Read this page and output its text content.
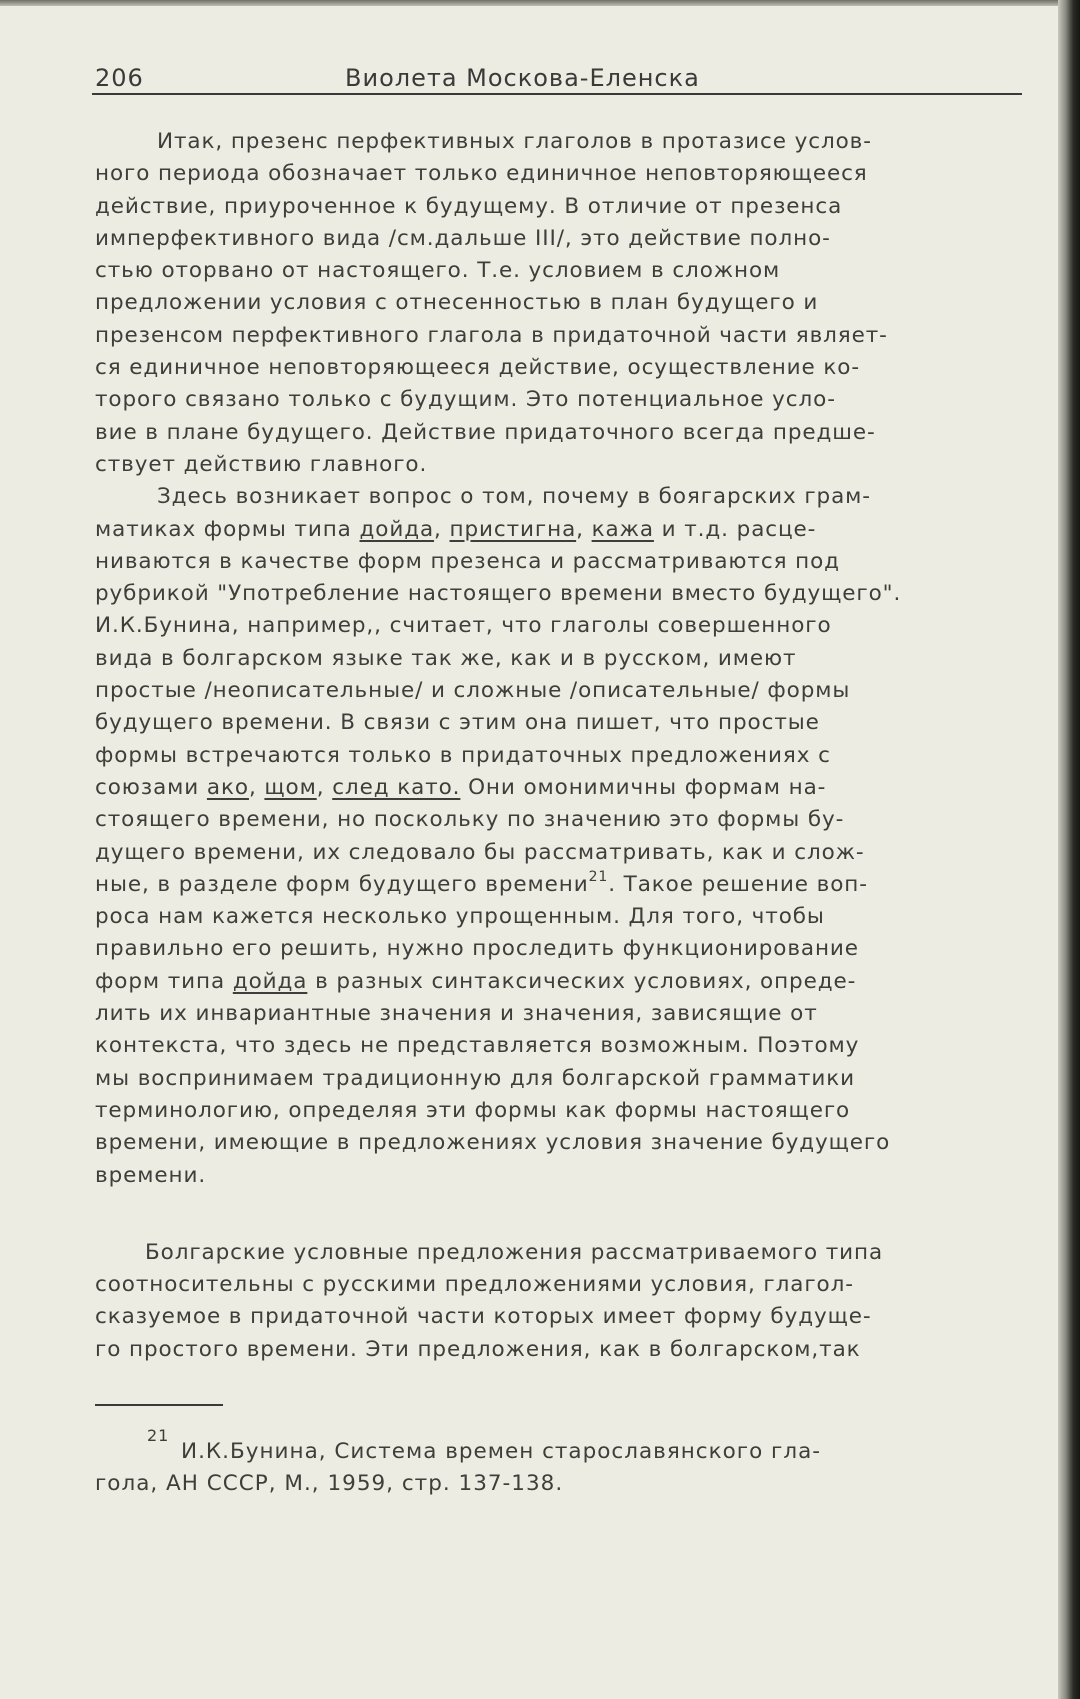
206	Виолета Москова-Еленска
Итак, презенс перфективных глаголов в протазисе услов-
ного периода обозначает только единичное неповторяющееся
действие, приуроченное к будущему. В отличие от презенса
имперфективного вида /см.дальше III/, это действие полно-
стью оторвано от настоящего. Т.е. условием в сложном
предложении условия с отнесенностью в план будущего и
презенсом перфективного глагола в придаточной части являет-
ся единичное неповторяющееся действие, осуществление ко-
торого связано только с будущим. Это потенциальное усло-
вие в плане будущего. Действие придаточного всегда предше-
ствует действию главного.
Здесь возникает вопрос о том, почему в боягарских грам-
матиках формы типа дойда, пристигна, кажа и т.д. расце-
ниваются в качестве форм презенса и рассматриваются под
рубрикой "Употребление настоящего времени вместо будущего".
И.К.Бунина, например,, считает, что глаголы совершенного
вида в болгарском языке так же, как и в русском, имеют
простые /неописательные/ и сложные /описательные/ формы
будущего времени. В связи с этим она пишет, что простые
формы встречаются только в придаточных предложениях с
союзами ако, щом, след като. Они омонимичны формам на-
стоящего времени, но поскольку по значению это формы бу-
дущего времени, их следовало бы рассматривать, как и слож-
ные, в разделе форм будущего времени$^{21}$. Такое решение воп-
роса нам кажется несколько упрощенным. Для того, чтобы
правильно его решить, нужно проследить функционирование
форм типа дойда в разных синтаксических условиях, опреде-
лить их инвариантные значения и значения, зависящие от
контекста, что здесь не представляется возможным. Поэтому
мы воспринимаем традиционную для болгарской грамматики
терминологию, определяя эти формы как формы настоящего
времени, имеющие в предложениях условия значение будущего
времени.
Болгарские условные предложения рассматриваемого типа
соотносительны с русскими предложениями условия, глагол-
сказуемое в придаточной части которых имеет форму будуще-
го простого времени. Эти предложения, как в болгарском,так
21
И.К.Бунина, Система времен старославянского гла-
гола, АН СССР, М., 1959, стр. 137-138.
